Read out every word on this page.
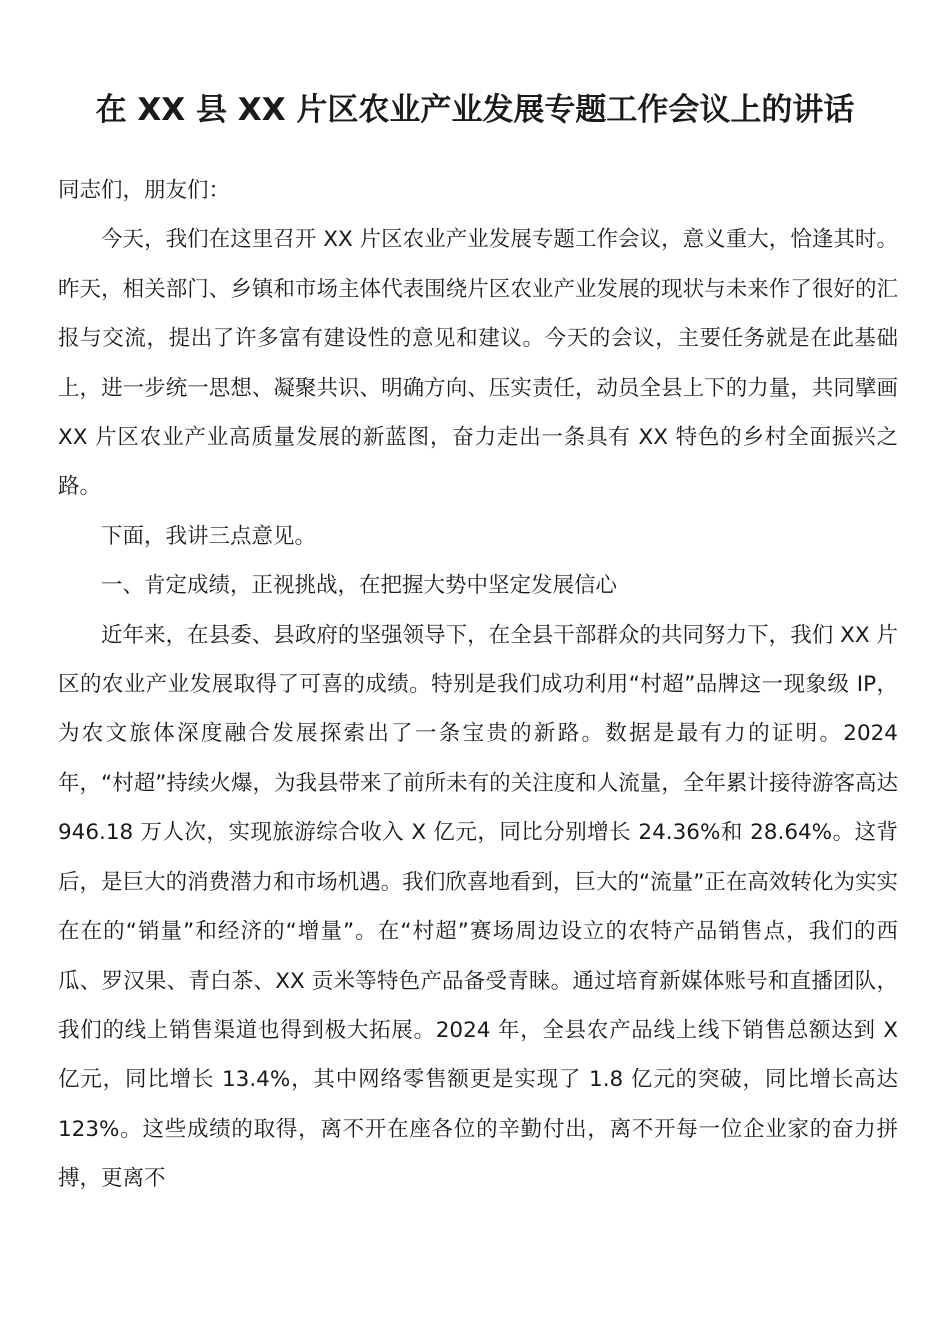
在 XX 县 XX 片区农业产业发展专题工作会议上的讲话

同志们，朋友们：

今天，我们在这里召开 XX 片区农业产业发展专题工作会议，意义重大，恰逢其时。昨天，相关部门、乡镇和市场主体代表围绕片区农业产业发展的现状与未来作了很好的汇报与交流，提出了许多富有建设性的意见和建议。今天的会议，主要任务就是在此基础上，进一步统一思想、凝聚共识、明确方向、压实责任，动员全县上下的力量，共同擘画 XX 片区农业产业高质量发展的新蓝图，奋力走出一条具有 XX 特色的乡村全面振兴之路。

下面，我讲三点意见。

一、肯定成绩，正视挑战，在把握大势中坚定发展信心

近年来，在县委、县政府的坚强领导下，在全县干部群众的共同努力下，我们 XX 片区的农业产业发展取得了可喜的成绩。特别是我们成功利用“村超”品牌这一现象级 IP，为农文旅体深度融合发展探索出了一条宝贵的新路。数据是最有力的证明。2024 年，“村超”持续火爆，为我县带来了前所未有的关注度和人流量，全年累计接待游客高达 946.18 万人次，实现旅游综合收入 X 亿元，同比分别增长 24.36%和 28.64%。这背后，是巨大的消费潜力和市场机遇。我们欣喜地看到，巨大的“流量”正在高效转化为实实在在的“销量”和经济的“增量”。在“村超”赛场周边设立的农特产品销售点，我们的西瓜、罗汉果、青白茶、XX 贡米等特色产品备受青睐。通过培育新媒体账号和直播团队，我们的线上销售渠道也得到极大拓展。2024 年，全县农产品线上线下销售总额达到 X 亿元，同比增长 13.4%，其中网络零售额更是实现了 1.8 亿元的突破，同比增长高达 123%。这些成绩的取得，离不开在座各位的辛勤付出，离不开每一位企业家的奋力拼搏，更离不
